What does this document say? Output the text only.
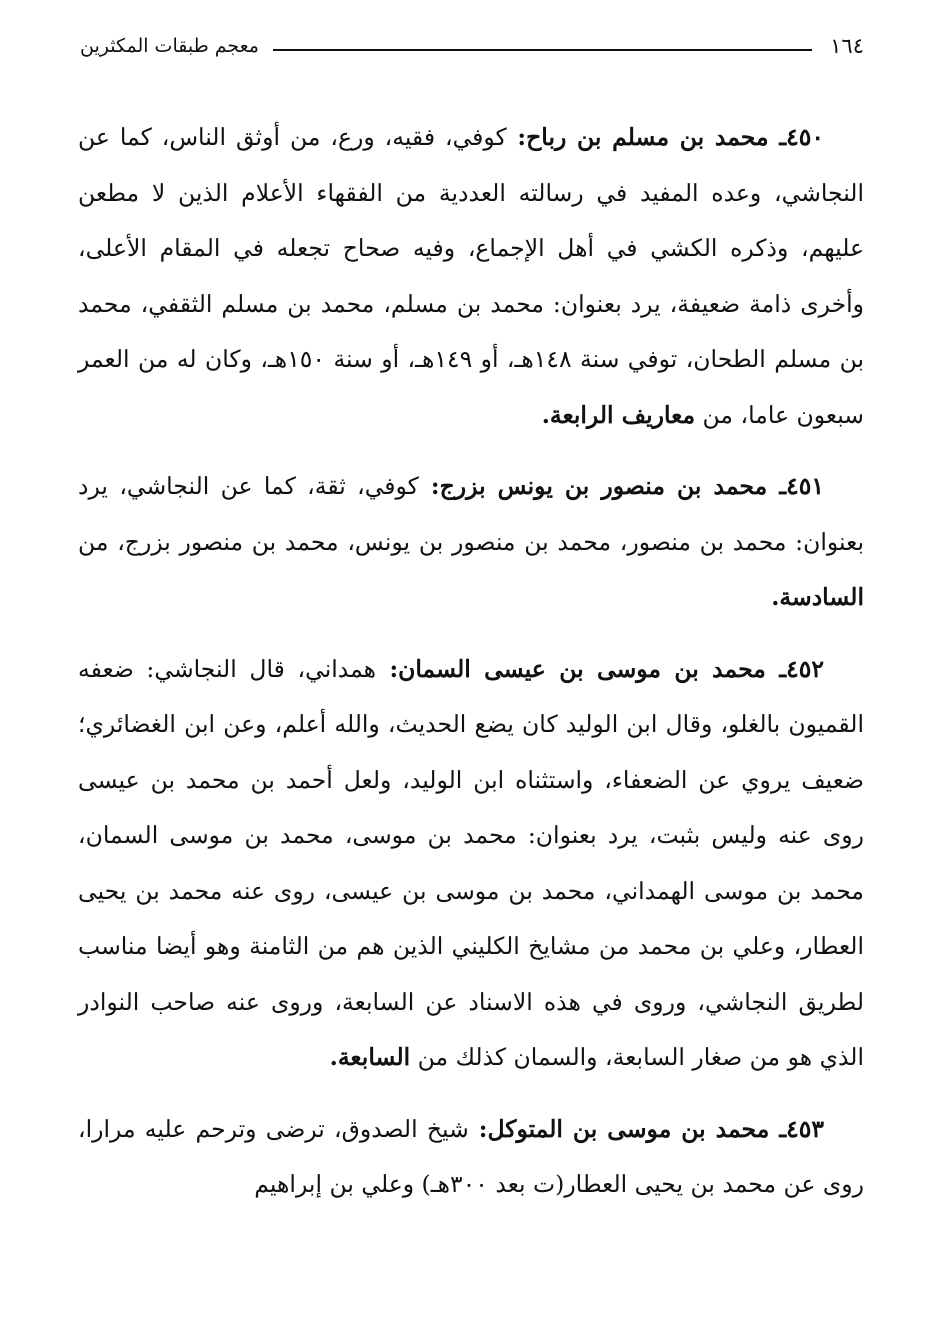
١٦٤
معجم طبقات المكثرين

٤٥٠ـ محمد بن مسلم بن رباح: كوفي، فقيه، ورع، من أوثق الناس، كما عن النجاشي، وعده المفيد في رسالته العددية من الفقهاء الأعلام الذين لا مطعن عليهم، وذكره الكشي في أهل الإجماع، وفيه صحاح تجعله في المقام الأعلى، وأخرى ذامة ضعيفة، يرد بعنوان: محمد بن مسلم، محمد بن مسلم الثقفي، محمد بن مسلم الطحان، توفي سنة ١٤٨هـ، أو ١٤٩هـ، أو سنة ١٥٠هـ، وكان له من العمر سبعون عاما، من معاريف الرابعة.

٤٥١ـ محمد بن منصور بن يونس بزرج: كوفي، ثقة، كما عن النجاشي، يرد بعنوان: محمد بن منصور، محمد بن منصور بن يونس، محمد بن منصور بزرج، من السادسة.

٤٥٢ـ محمد بن موسى بن عيسى السمان: همداني، قال النجاشي: ضعفه القميون بالغلو، وقال ابن الوليد كان يضع الحديث، والله أعلم، وعن ابن الغضائري؛ ضعيف يروي عن الضعفاء، واستثناه ابن الوليد، ولعل أحمد بن محمد بن عيسى روى عنه وليس بثبت، يرد بعنوان: محمد بن موسى، محمد بن موسى السمان، محمد بن موسى الهمداني، محمد بن موسى بن عيسى، روى عنه محمد بن يحيى العطار، وعلي بن محمد من مشايخ الكليني الذين هم من الثامنة وهو أيضا مناسب لطريق النجاشي، وروى في هذه الاسناد عن السابعة، وروى عنه صاحب النوادر الذي هو من صغار السابعة، والسمان كذلك من السابعة.

٤٥٣ـ محمد بن موسى بن المتوكل: شيخ الصدوق، ترضى وترحم عليه مرارا، روى عن محمد بن يحيى العطار(ت بعد ٣٠٠هـ) وعلي بن إبراهيم
